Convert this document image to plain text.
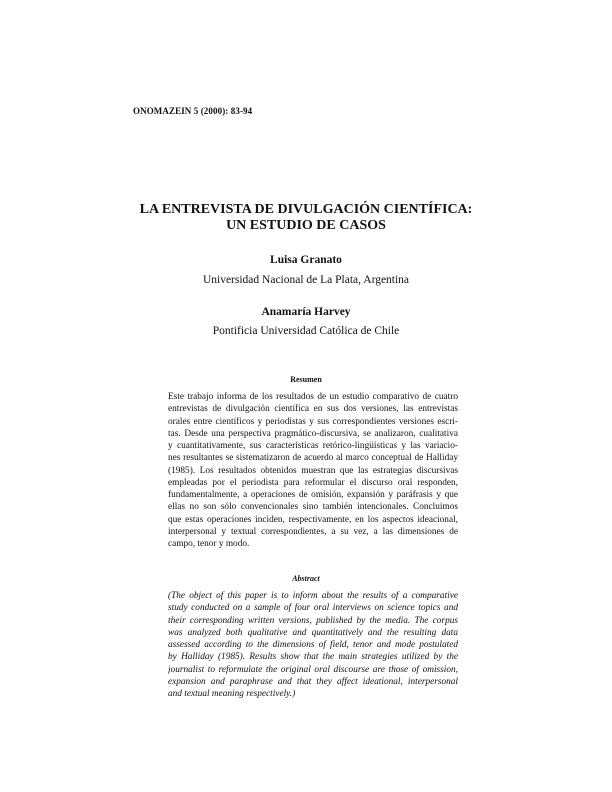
ONOMAZEIN 5 (2000): 83-94
LA ENTREVISTA DE DIVULGACIÓN CIENTÍFICA:
UN ESTUDIO DE CASOS
Luisa Granato
Universidad Nacional de La Plata, Argentina
Anamaría Harvey
Pontificia Universidad Católica de Chile
Resumen
Este trabajo informa de los resultados de un estudio comparativo de cuatro
entrevistas de divulgación científica en sus dos versiones, las entrevistas
orales entre científicos y periodistas y sus correspondientes versiones escri-
tas. Desde una perspectiva pragmático-discursiva, se analizaron, cualitativa
y cuantitativamente, sus características retórico-lingüísticas y las variacio-
nes resultantes se sistematizaron de acuerdo al marco conceptual de Halliday
(1985). Los resultados obtenidos muestran que las estrategias discursivas
empleadas por el periodista para reformular el discurso oral responden,
fundamentalmente, a operaciones de omisión, expansión y paráfrasis y que
ellas no son sólo convencionales sino también intencionales. Concluimos
que estas operaciones inciden, respectivamente, en los aspectos ideacional,
interpersonal y textual correspondientes, a su vez, a las dimensiones de
campo, tenor y modo.
Abstract
(The object of this paper is to inform about the results of a comparative
study conducted on a sample of four oral interviews on science topics and
their corresponding written versions, published by the media. The corpus
was analyzed both qualitative and quantitatively and the resulting data
assessed according to the dimensions of field, tenor and mode postulated
by Halliday (1985). Results show that the main strategies utilized by the
journalist to reformulate the original oral discourse are those of omission,
expansion and paraphrase and that they affect ideational, interpersonal
and textual meaning respectively.)
